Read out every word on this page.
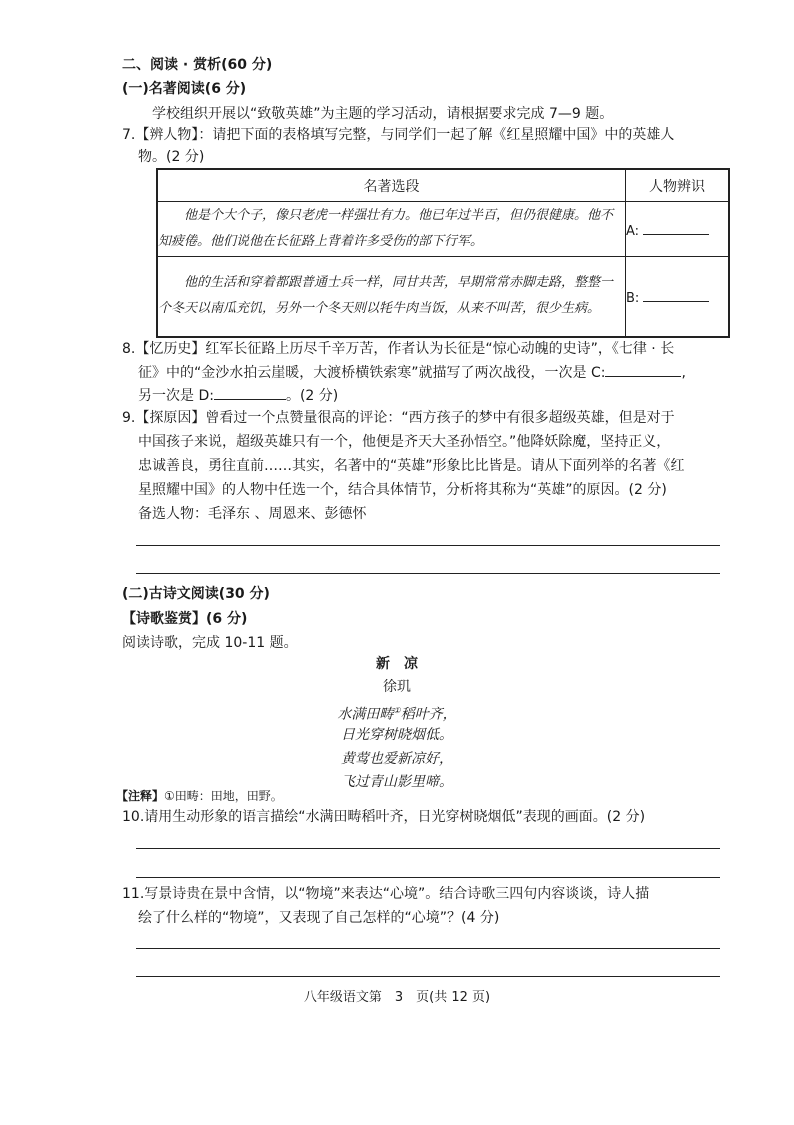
二、阅读 · 赏析(60 分)
(一)名著阅读(6 分)
学校组织开展以“致敬英雄”为主题的学习活动，请根据要求完成 7—9 题。
7.【辨人物】：请把下面的表格填写完整，与同学们一起了解《红星照耀中国》中的英雄人
物。(2 分)
名著选段	人物辨识
他是个大个子，像只老虎一样强壮有力。他已年过半百，但仍很健康。他不知疲倦。他们说他在长征路上背着许多受伤的部下行军。	A:
他的生活和穿着都跟普通士兵一样，同甘共苦，早期常常赤脚走路，整整一个冬天以南瓜充饥，另外一个冬天则以牦牛肉当饭，从来不叫苦，很少生病。	B:
8.【忆历史】红军长征路上历尽千辛万苦，作者认为长征是“惊心动魄的史诗”，《七律 · 长
征》中的“金沙水拍云崖暖，大渡桥横铁索寒”就描写了两次战役，一次是 C:	,
另一次是 D:	。(2 分)
9.【探原因】曾看过一个点赞量很高的评论：“西方孩子的梦中有很多超级英雄，但是对于
中国孩子来说，超级英雄只有一个，他便是齐天大圣孙悟空。”他降妖除魔，坚持正义，
忠诚善良，勇往直前……其实，名著中的“英雄”形象比比皆是。请从下面列举的名著《红
星照耀中国》的人物中任选一个，结合具体情节，分析将其称为“英雄”的原因。(2 分)
备选人物：毛泽东 、周恩来、彭德怀
(二)古诗文阅读(30 分)
【诗歌鉴赏】(6 分)
阅读诗歌，完成 10-11 题。
新　凉
徐玑
水满田畴①稻叶齐，
日光穿树晓烟低。
黄莺也爱新凉好，
飞过青山影里啼。
【注释】①田畴：田地，田野。
10.请用生动形象的语言描绘“水满田畴稻叶齐，日光穿树晓烟低”表现的画面。(2 分)
11.写景诗贵在景中含情，以“物境”来表达“心境”。结合诗歌三四句内容谈谈，诗人描
绘了什么样的“物境”，又表现了自己怎样的“心境”？(4 分)
八年级语文第　3　页(共 12 页)
